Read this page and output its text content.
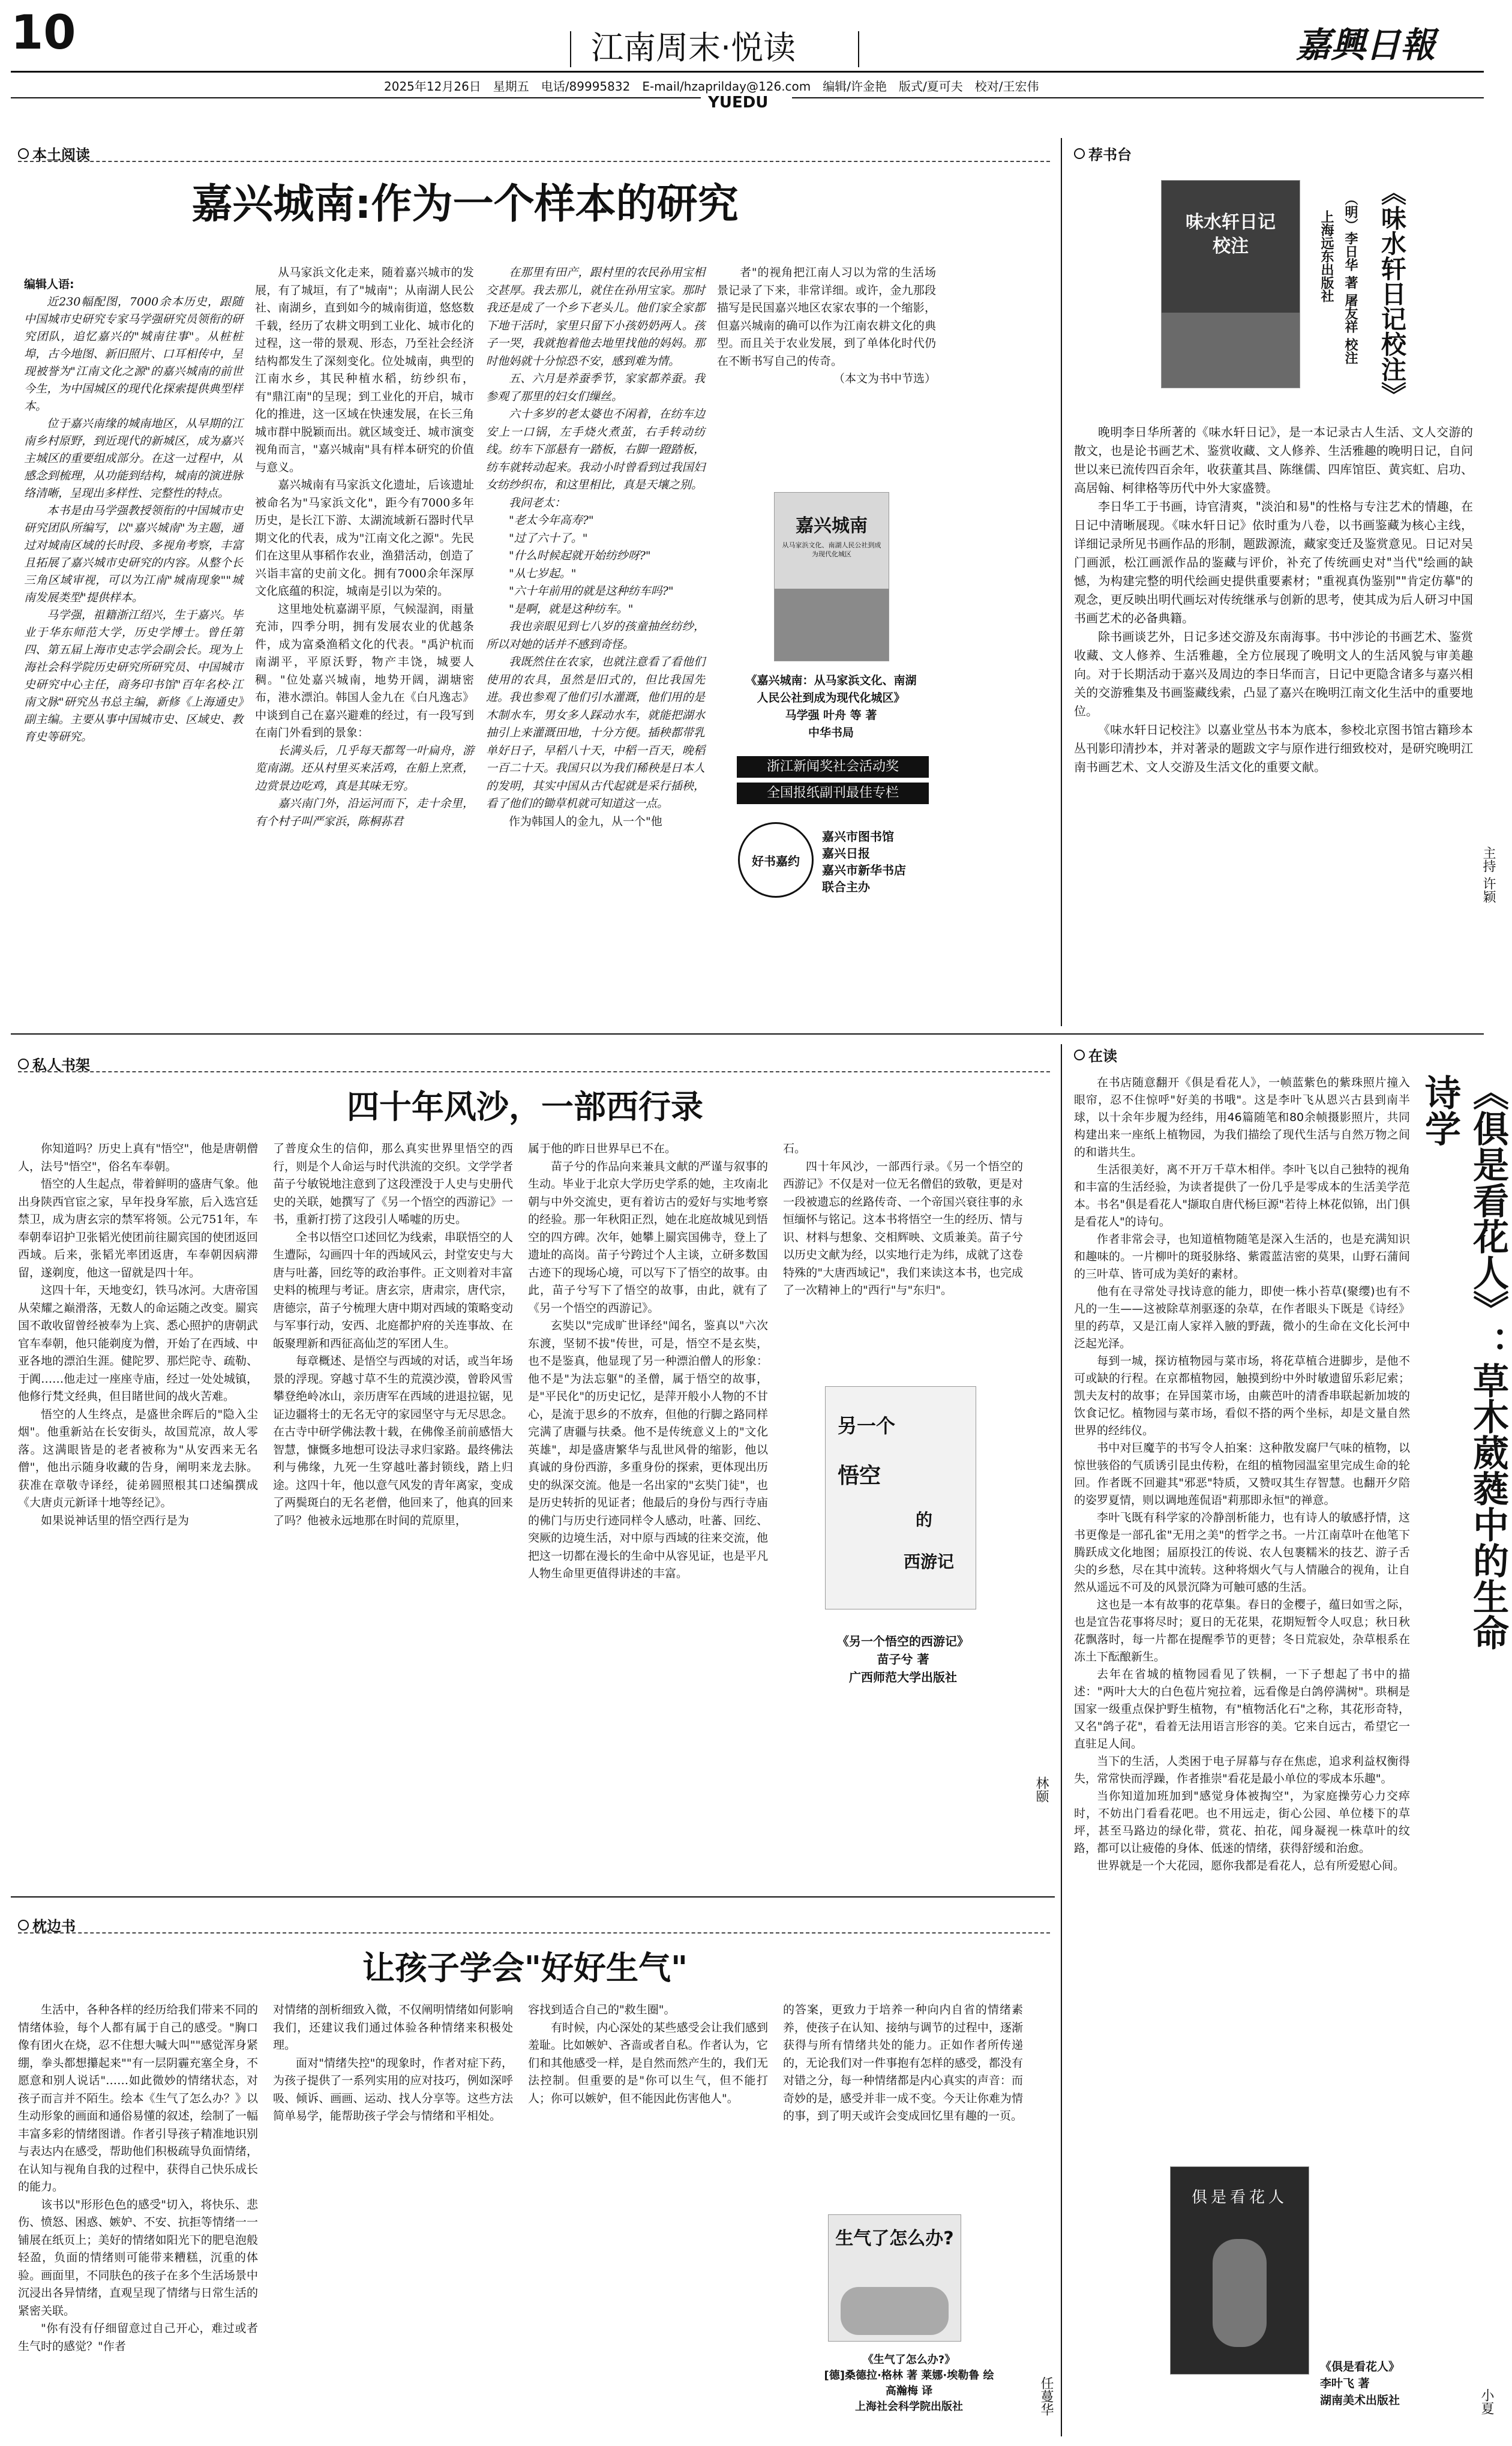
10	江南周末·悦读	嘉興日報
2025年12月26日　星期五　电话/89995832　E-mail/hzaprilday@126.com　编辑/许金艳　版式/夏可夫　校对/王宏伟
YUEDU
本土阅读
嘉兴城南:作为一个样本的研究
编辑人语:

近230幅配图，7000余本历史，跟随中国城市史研究专家马学强研究员领衔的研究团队，追忆嘉兴的"城南往事"。从桩桩埠，古今地图、新旧照片、口耳相传中，呈现被誉为"江南文化之源"的嘉兴城南的前世今生，为中国城区的现代化探索提供典型样本。

位于嘉兴南缘的城南地区，从早期的江南乡村原野，到近现代的新城区，成为嘉兴主城区的重要组成部分。在这一过程中，从感念到梳理，从功能到结构，城南的演进脉络清晰，呈现出多样性、完整性的特点。

本书是由马学强教授领衔的中国城市史研究团队所编写，以"嘉兴城南"为主题，通过对城南区域的长时段、多视角考察，丰富且拓展了嘉兴城市史研究的内容。从整个长三角区域审视，可以为江南"城南现象""城南发展类型"提供样本。

马学强，祖籍浙江绍兴，生于嘉兴。毕业于华东师范大学，历史学博士。曾任第四、第五届上海市史志学会副会长。现为上海社会科学院历史研究所研究员、中国城市史研究中心主任，商务印书馆"百年名校·江南文脉"研究丛书总主编，新修《上海通史》副主编。主要从事中国城市史、区域史、教育史等研究。

从马家浜文化走来，随着嘉兴城市的发展，有了城垣，有了"城南"；从南湖人民公社、南湖乡，直到如今的城南街道，悠悠数千载，经历了农耕文明到工业化、城市化的过程，这一带的景观、形态，乃至社会经济结构都发生了深刻变化。位处城南，典型的江南水乡，其民种植水稻，纺纱织布，有"鼎江南"的呈现；到工业化的开启，城市化的推进，这一区域在快速发展，在长三角城市群中脱颖而出。就区域变迁、城市演变视角而言，"嘉兴城南"具有样本研究的价值与意义。

嘉兴城南有马家浜文化遗址，后该遗址被命名为"马家浜文化"，距今有7000多年历史，是长江下游、太湖流域新石器时代早期文化的代表，成为"江南文化之源"。先民们在这里从事稻作农业，渔猎活动，创造了兴诣丰富的史前文化。拥有7000余年深厚文化底蕴的积淀，城南是引以为荣的。

这里地处杭嘉湖平原，气候湿润，雨量充沛，四季分明，拥有发展农业的优越条件，成为富桑渔稻文化的代表。"禹沪杭而南湖平，平原沃野，物产丰饶，城要人稠。"位处嘉兴城南，地势开阔，湖塘密布，港水漂泊。韩国人金九在《白凡逸志》中谈到自己在嘉兴避难的经过，有一段写到在南门外看到的景象：

长满头后，几乎每天都驾一叶扁舟，游览南湖。还从村里买来活鸡，在船上烹煮，边赏景边吃鸡，真是其味无穷。

嘉兴南门外，沿运河而下，走十余里，有个村子叫严家浜，陈桐荪君

在那里有田产，跟村里的农民孙用宝相交甚厚。我去那儿，就住在孙用宝家。那时我还是成了一个乡下老头儿。他们家全家都下地干活时，家里只留下小孩奶奶两人。孩子一哭，我就抱着他去地里找他的妈妈。那时他妈就十分惊恐不安，感到难为情。

五、六月是养蚕季节，家家都养蚕。我参观了那里的妇女们缫丝。

六十多岁的老太婆也不闲着，在纺车边安上一口锅，左手烧火煮茧，右手转动纺线。纺车下部悬有一踏板，右脚一蹬踏板，纺车就转动起来。我动小时曾看到过我国妇女纺纱织布，和这里相比，真是天壤之别。

我问老太：

"老太今年高寿?"

"过了六十了。"

"什么时候起就开始纺纱呀?"

"从七岁起。"

"六十年前用的就是这种纺车吗?"

"是啊，就是这种纺车。"

我也亲眼见到七八岁的孩童抽丝纺纱，所以对她的话并不感到奇怪。

我既然住在农家，也就注意看了看他们使用的农具，虽然是旧式的，但比我国先进。我也参观了他们引水灌溉，他们用的是木制水车，男女多人踩动水车，就能把湖水抽引上来灌溉田地，十分方便。插秧都带乳单好日子，早稻八十天，中稻一百天，晚稻一百二十天。我国只以为我们稀秧是日本人的发明，其实中国从古代起就是采行插秧，看了他们的锄草机就可知道这一点。

作为韩国人的金九，从一个"他

者"的视角把江南人习以为常的生活场景记录了下来，非常详细。或许，金九那段描写是民国嘉兴地区农家农事的一个缩影，但嘉兴城南的确可以作为江南农耕文化的典型。而且关于农业发展，到了单体化时代仍在不断书写自己的传奇。

（本文为书中节选）
嘉兴城南
从马家浜文化、南湖人民公社到成为现代化城区
《嘉兴城南：从马家浜文化、南湖
人民公社到成为现代化城区》
马学强 叶舟 等 著
中华书局
浙江新闻奖社会活动奖
全国报纸副刊最佳专栏
好书嘉约
嘉兴市图书馆
嘉兴日报
嘉兴市新华书店
联合主办
荐书台
味水轩日记校注	《味水轩日记校注》
（明）李日华 著 屠友祥 校注
上海远东出版社

晚明李日华所著的《味水轩日记》，是一本记录古人生活、文人交游的散文，也是论书画艺术、鉴赏收藏、文人修养、生活雅趣的晚明日记，自问世以来已流传四百余年，收获董其昌、陈继儒、四库馆臣、黄宾虹、启功、高居翰、柯律格等历代中外大家盛赞。

李日华工于书画，诗官清爽，"淡泊和易"的性格与专注艺术的情趣，在日记中清晰展现。《味水轩日记》依时重为八卷，以书画鉴藏为核心主线，详细记录所见书画作品的形制，题跋源流，藏家变迁及鉴赏意见。日记对吴门画派，松江画派作品的鉴藏与评价，补充了传统画史对"当代"绘画的缺憾，为构建完整的明代绘画史提供重要素材；"重视真伪鉴别""肯定仿摹"的观念，更反映出明代画坛对传统继承与创新的思考，使其成为后人研习中国书画艺术的必备典籍。

除书画谈艺外，日记多述交游及东南海事。书中涉论的书画艺术、鉴赏收藏、文人修养、生活雅趣，全方位展现了晚明文人的生活风貌与审美趣向。对于长期活动于嘉兴及周边的李日华而言，日记中更隐含诸多与嘉兴相关的交游雅集及书画鉴藏线索，凸显了嘉兴在晚明江南文化生活中的重要地位。

《味水轩日记校注》以嘉业堂丛书本为底本，参校北京图书馆古籍珍本丛刊影印清抄本，并对著录的题跋文字与原作进行细致校对，是研究晚明江南书画艺术、文人交游及生活文化的重要文献。

主持 许颖
私人书架
四十年风沙，一部西行录

你知道吗？历史上真有"悟空"，他是唐朝僧人，法号"悟空"，俗名车奉朝。

悟空的人生起点，带着鲜明的盛唐气象。他出身陕西官宦之家，早年投身军旅，后入选宫廷禁卫，成为唐玄宗的禁军将领。公元751年，车奉朝奉诏护卫张韬光使团前往罽宾国的使团返回西域。后来，张韬光率团返唐，车奉朝因病滞留，遂剃度，他这一留就是四十年。

这四十年，天地变幻，铁马冰河。大唐帝国从荣耀之巅滑落，无数人的命运随之改变。罽宾国不敢收留曾经被奉为上宾、悉心照护的唐朝武官车奉朝，他只能剃度为僧，开始了在西域、中亚各地的漂泊生涯。健陀罗、那烂陀寺、疏勒、于阗……他走过一座座寺庙，经过一处处城镇，他修行梵文经典，但目睹世间的战火苦难。

悟空的人生终点，是盛世余晖后的"隐入尘烟"。他重新站在长安街头，故国荒凉，故人零落。这满眼皆是的老者被称为"从安西来无名僧"，他出示随身收藏的告身，阐明来龙去脉。获准在章敬寺译经，徒弟圆照根其口述编撰成《大唐贞元新译十地等经记》。

如果说神话里的悟空西行是为

了普度众生的信仰，那么真实世界里悟空的西行，则是个人命运与时代洪流的交织。文学学者苗子兮敏锐地注意到了这段湮没于人史与史册代史的关联，她撰写了《另一个悟空的西游记》一书，重新打捞了这段引人唏嘘的历史。

全书以悟空口述回忆为线索，串联悟空的人生遭际，勾画四十年的西域风云，封堂安史与大唐与吐蕃，回纥等的政治事件。正文则着对丰富史料的梳理与考证。唐玄宗，唐肃宗，唐代宗，唐德宗，苗子兮梳理大唐中期对西域的策略变动与军事行动，安西、北庭都护府的关连事故、在皈聚理新和西征高仙芝的军团人生。

每章概述、是悟空与西域的对话，或当年场景的浮现。穿越寸草不生的荒漠沙漠，曾聆风雪攀登绝岭冰山，亲历唐军在西域的进退拉锯，见证边疆将士的无名无守的家园坚守与无尽思念。在古寺中研学佛法教十载，在佛像圣前前感悟大智慧，慷慨多地想可设法寻求归家路。最终佛法利与佛缘，九死一生穿越吐蕃封锁线，踏上归途。这四十年，他以意气风发的青年离家，变成了两鬓斑白的无名老僧，他回来了，他真的回来了吗？他被永远地那在时间的荒原里，

属于他的昨日世界早已不在。

苗子兮的作品向来兼具文献的严谨与叙事的生动。毕业于北京大学历史学系的她，主攻南北朝与中外交流史，更有着访古的爱好与实地考察的经验。那一年秋阳正烈，她在北庭故城见到悟空的四方碑。次年，她攀上罽宾国佛寺，登上了遗址的高岗。苗子兮跨过个人主谈，立研多数国古迹下的现场心境，可以写下了悟空的故事。由此，苗子兮写下了悟空的故事，由此，就有了《另一个悟空的西游记》。

玄奘以"完成旷世译经"闻名，鉴真以"六次东渡，坚韧不拔"传世，可是，悟空不是玄奘，也不是鉴真，他显现了另一种漂泊僧人的形象：他不是"为法忘躯"的圣僧，属于悟空的故事，是"平民化"的历史记忆，是萍开般小人物的不甘心，是流于思乡的不放弃，但他的行脚之路同样完满了唐疆与扶桑。他不是传统意义上的"文化英雄"，却是盛唐繁华与乱世风骨的缩影，他以真诚的身份西游，多重身份的探索，更体现出历史的纵深交流。他是一名出家的"玄奘门徒"，也是历史转折的见证者；他最后的身份与西行寺庙的佛门与历史行迹同样令人感动，吐蕃、回纥、突厥的边境生活，对中原与西域的往来交流，他把这一切都在漫长的生命中从容见证，也是平凡人物生命里更值得讲述的丰富。

石。

四十年风沙，一部西行录。《另一个悟空的西游记》不仅是对一位无名僧侣的致敬，更是对一段被遗忘的丝路传奇、一个帝国兴衰往事的永恒缅怀与铭记。这本书将悟空一生的经历、情与识、材料与想象、交相辉映、文质兼美。苗子兮以历史文献为经，以实地行走为纬，成就了这卷特殊的"大唐西域记"，我们来读这本书，也完成了一次精神上的"西行"与"东归"。

另一个
悟空
的
西游记
《另一个悟空的西游记》
苗子兮 著
广西师范大学出版社
林颐
在读
《俱是看花人》：草木葳蕤中的生命诗学

在书店随意翻开《俱是看花人》，一帧蓝紫色的紫珠照片撞入眼帘，忍不住惊呼"好美的书哦"。这是李叶飞从恩兴古县到南半球，以十余年步履为经纬，用46篇随笔和80余帧摄影照片，共同构建出来一座纸上植物园，为我们描绘了现代生活与自然万物之间的和谐共生。

生活很美好，离不开万千草木相伴。李叶飞以自己独特的视角和丰富的生活经验，为读者提供了一份几乎是零成本的生活美学范本。书名"俱是看花人"撷取自唐代杨巨源"若待上林花似锦，出门俱是看花人"的诗句。

作者非常会寻，也知道植物随笔是深入生活的，也是充满知识和趣味的。一片柳叶的斑驳脉络、紫霞蓝洁密的莫果，山野石蒲间的三叶草、皆可成为美好的素材。

他有在寻常处寻找诗意的能力，即使一株小苔草(聚缨)也有不凡的一生——这被除草剂驱逐的杂草，在作者眼头下既是《诗经》里的药草，又是江南人家祥入腋的野蔬，微小的生命在文化长河中泛起光泽。

每到一城，探访植物园与菜市场，将花草植合进脚步，是他不可或缺的行程。在京都植物园，触摸到纷中外时敏遗留乐彩尼索；凯夫友村的故事；在异国菜市场，由蕨芭叶的清香串联起新加坡的饮食记忆。植物园与菜市场，看似不搭的两个坐标，却是文量自然世界的经纬仪。

书中对巨魔芋的书写令人拍案：这种散发腐尸气味的植物，以惊世骇俗的气质诱引昆虫传粉，在组的植物园温室里完成生命的轮回。作者既不回避其"邪恶"特质，又赞叹其生存智慧。也翻开夕陪的姿罗夏情，则以调地莲侃语"莉那即永恒"的禅意。

李叶飞既有科学家的冷静剖析能力，也有诗人的敏感抒情，这书更像是一部孔雀"无用之美"的哲学之书。一片江南草叶在他笔下腾跃成文化地图；届原投江的传说、农人包裹糯米的技艺、游子舌尖的乡愁，尽在其中流转。这种将烟火气与人情融合的视角，让自然从遥远不可及的风景沉降为可触可感的生活。

这也是一本有故事的花草集。春日的金樱子，蕴曰如雪之际，也是宜告花事将尽时；夏日的无花果，花期短暂令人叹息；秋日秋花飘落时，每一片都在提醒季节的更替；冬日荒寂处，杂草根系在冻土下酝酿新生。

去年在省城的植物园看见了铁桐，一下子想起了书中的描述："两叶大大的白色苞片宛拉着，远看像是白鸽停满树"。珙桐是国家一级重点保护野生植物，有"植物活化石"之称，其花形奇特，又名"鸽子花"，看着无法用语言形容的美。它来自远古，希望它一直驻足人间。

当下的生活，人类困于电子屏幕与存在焦虑，追求利益权衡得失，常常快而浮躁，作者推崇"看花是最小单位的零成本乐趣"。

当你知道加班加到"感觉身体被掏空"，为家庭操劳心力交瘁时，不妨出门看看花吧。也不用远走，街心公园、单位楼下的草坪，甚至马路边的绿化带，赏花、拍花，闻身凝视一株草叶的纹路，都可以让疲倦的身体、低迷的情绪，获得舒缓和治愈。

世界就是一个大花园，愿你我都是看花人，总有所爱慰心间。

俱是看花人
《俱是看花人》
李叶飞 著
湖南美术出版社	小夏
枕边书
让孩子学会"好好生气"

生活中，各种各样的经历给我们带来不同的情绪体验，每个人都有属于自己的感受。"胸口像有团火在烧，忍不住想大喊大叫""感觉浑身紧绷，拳头都想攥起来""有一层阴霾充塞全身，不愿意和别人说话"……如此微妙的情绪状态，对孩子而言并不陌生。绘本《生气了怎么办？》以生动形象的画面和通俗易懂的叙述，绘制了一幅丰富多彩的情绪图谱。作者引导孩子精准地识别与表达内在感受，帮助他们积极疏导负面情绪，在认知与视角自我的过程中，获得自己快乐成长的能力。

该书以"形形色色的感受"切入，将快乐、悲伤、愤怒、困惑、嫉妒、不安、抗拒等情绪一一铺展在纸页上；美好的情绪如阳光下的肥皂泡般轻盈，负面的情绪则可能带来糟糕，沉重的体验。画面里，不同肤色的孩子在多个生活场景中沉浸出各异情绪，直观呈现了情绪与日常生活的紧密关联。

"你有没有仔细留意过自己开心，难过或者生气时的感觉？"作者

对情绪的剖析细致入微，不仅阐明情绪如何影响我们，还建议我们通过体验各种情绪来积极处理。

面对"情绪失控"的现象时，作者对症下药，为孩子提供了一系列实用的应对技巧，例如深呼吸、倾诉、画画、运动、找人分享等。这些方法简单易学，能帮助孩子学会与情绪和平相处。

容找到适合自己的"救生圈"。

有时候，内心深处的某些感受会让我们感到羞耻。比如嫉妒、吝啬或者自私。作者认为，它们和其他感受一样，是自然而然产生的，我们无法控制。但重要的是"你可以生气，但不能打人；你可以嫉妒，但不能因此伤害他人"。

的答案，更致力于培养一种向内自省的情绪素养，使孩子在认知、接纳与调节的过程中，逐渐获得与所有情绪共处的能力。正如作者所传递的，无论我们对一件事抱有怎样的感受，都没有对错之分，每一种情绪都是内心真实的声音：而奇妙的是，感受并非一成不变。今天让你难为情的事，到了明天或许会变成回忆里有趣的一页。

生气了怎么办?
《生气了怎么办?》
[德]桑德拉·格林 著 莱娜·埃勒鲁 绘
高瀚梅 译
上海社会科学院出版社	任蔓华
